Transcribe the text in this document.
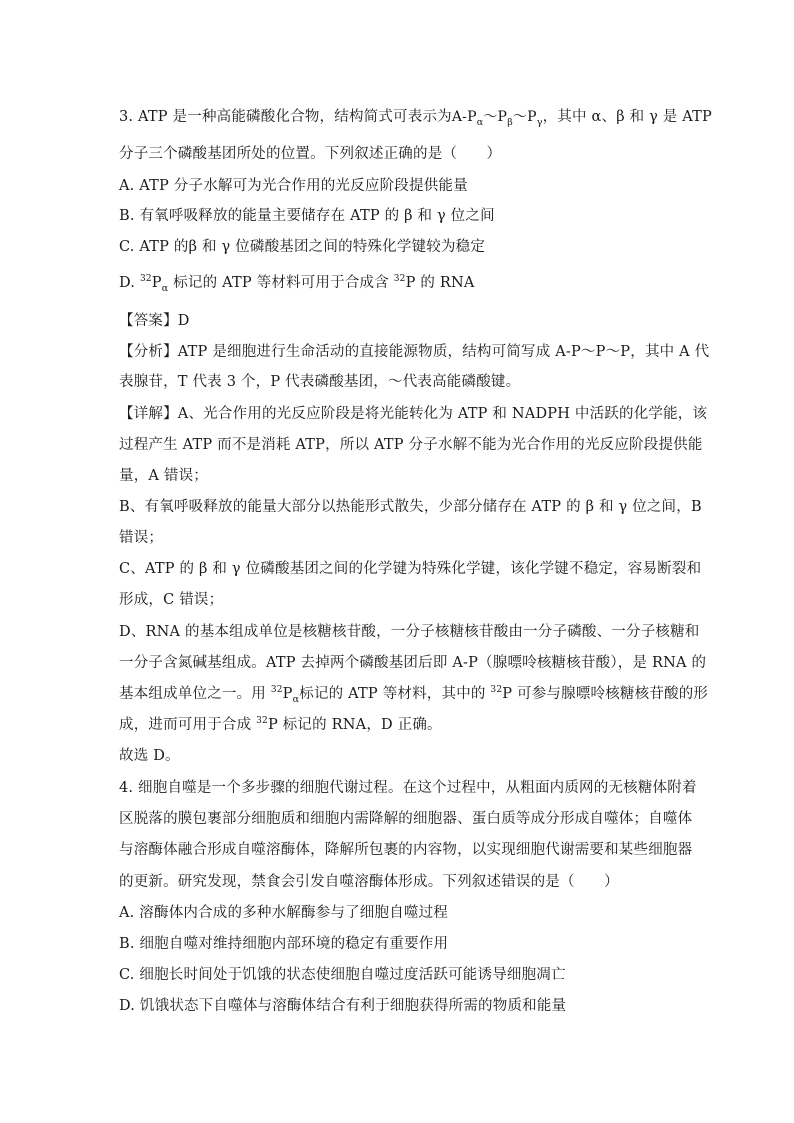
3. ATP 是一种高能磷酸化合物，结构简式可表示为$A-P_\alpha\sim P_\beta\sim P_\gamma$，其中 α、β 和 γ 是 ATP
分子三个磷酸基团所处的位置。下列叙述正确的是（　　）
A. ATP 分子水解可为光合作用的光反应阶段提供能量
B. 有氧呼吸释放的能量主要储存在 ATP 的 β 和 γ 位之间
C. ATP 的β 和 γ 位磷酸基团之间的特殊化学键较为稳定
D. $^{32}P_\alpha$ 标记的 ATP 等材料可用于合成含 $^{32}$P 的 RNA
【答案】D
【分析】ATP 是细胞进行生命活动的直接能源物质，结构可简写成 A-P～P～P，其中 A 代
表腺苷，T 代表 3 个，P 代表磷酸基团，～代表高能磷酸键。
【详解】A、光合作用的光反应阶段是将光能转化为 ATP 和 NADPH 中活跃的化学能，该
过程产生 ATP 而不是消耗 ATP，所以 ATP 分子水解不能为光合作用的光反应阶段提供能
量，A 错误；
B、有氧呼吸释放的能量大部分以热能形式散失，少部分储存在 ATP 的 β 和 γ 位之间，B
错误；
C、ATP 的 β 和 γ 位磷酸基团之间的化学键为特殊化学键，该化学键不稳定，容易断裂和
形成，C 错误；
D、RNA 的基本组成单位是核糖核苷酸，一分子核糖核苷酸由一分子磷酸、一分子核糖和
一分子含氮碱基组成。ATP 去掉两个磷酸基团后即 A-P（腺嘌呤核糖核苷酸），是 RNA 的
基本组成单位之一。用 $^{32}P_\alpha$标记的 ATP 等材料，其中的 $^{32}$P 可参与腺嘌呤核糖核苷酸的形
成，进而可用于合成 $^{32}$P 标记的 RNA，D 正确。
故选 D。
4. 细胞自噬是一个多步骤的细胞代谢过程。在这个过程中，从粗面内质网的无核糖体附着
区脱落的膜包裹部分细胞质和细胞内需降解的细胞器、蛋白质等成分形成自噬体；自噬体
与溶酶体融合形成自噬溶酶体，降解所包裹的内容物，以实现细胞代谢需要和某些细胞器
的更新。研究发现，禁食会引发自噬溶酶体形成。下列叙述错误的是（　　）
A. 溶酶体内合成的多种水解酶参与了细胞自噬过程
B. 细胞自噬对维持细胞内部环境的稳定有重要作用
C. 细胞长时间处于饥饿的状态使细胞自噬过度活跃可能诱导细胞凋亡
D. 饥饿状态下自噬体与溶酶体结合有利于细胞获得所需的物质和能量
